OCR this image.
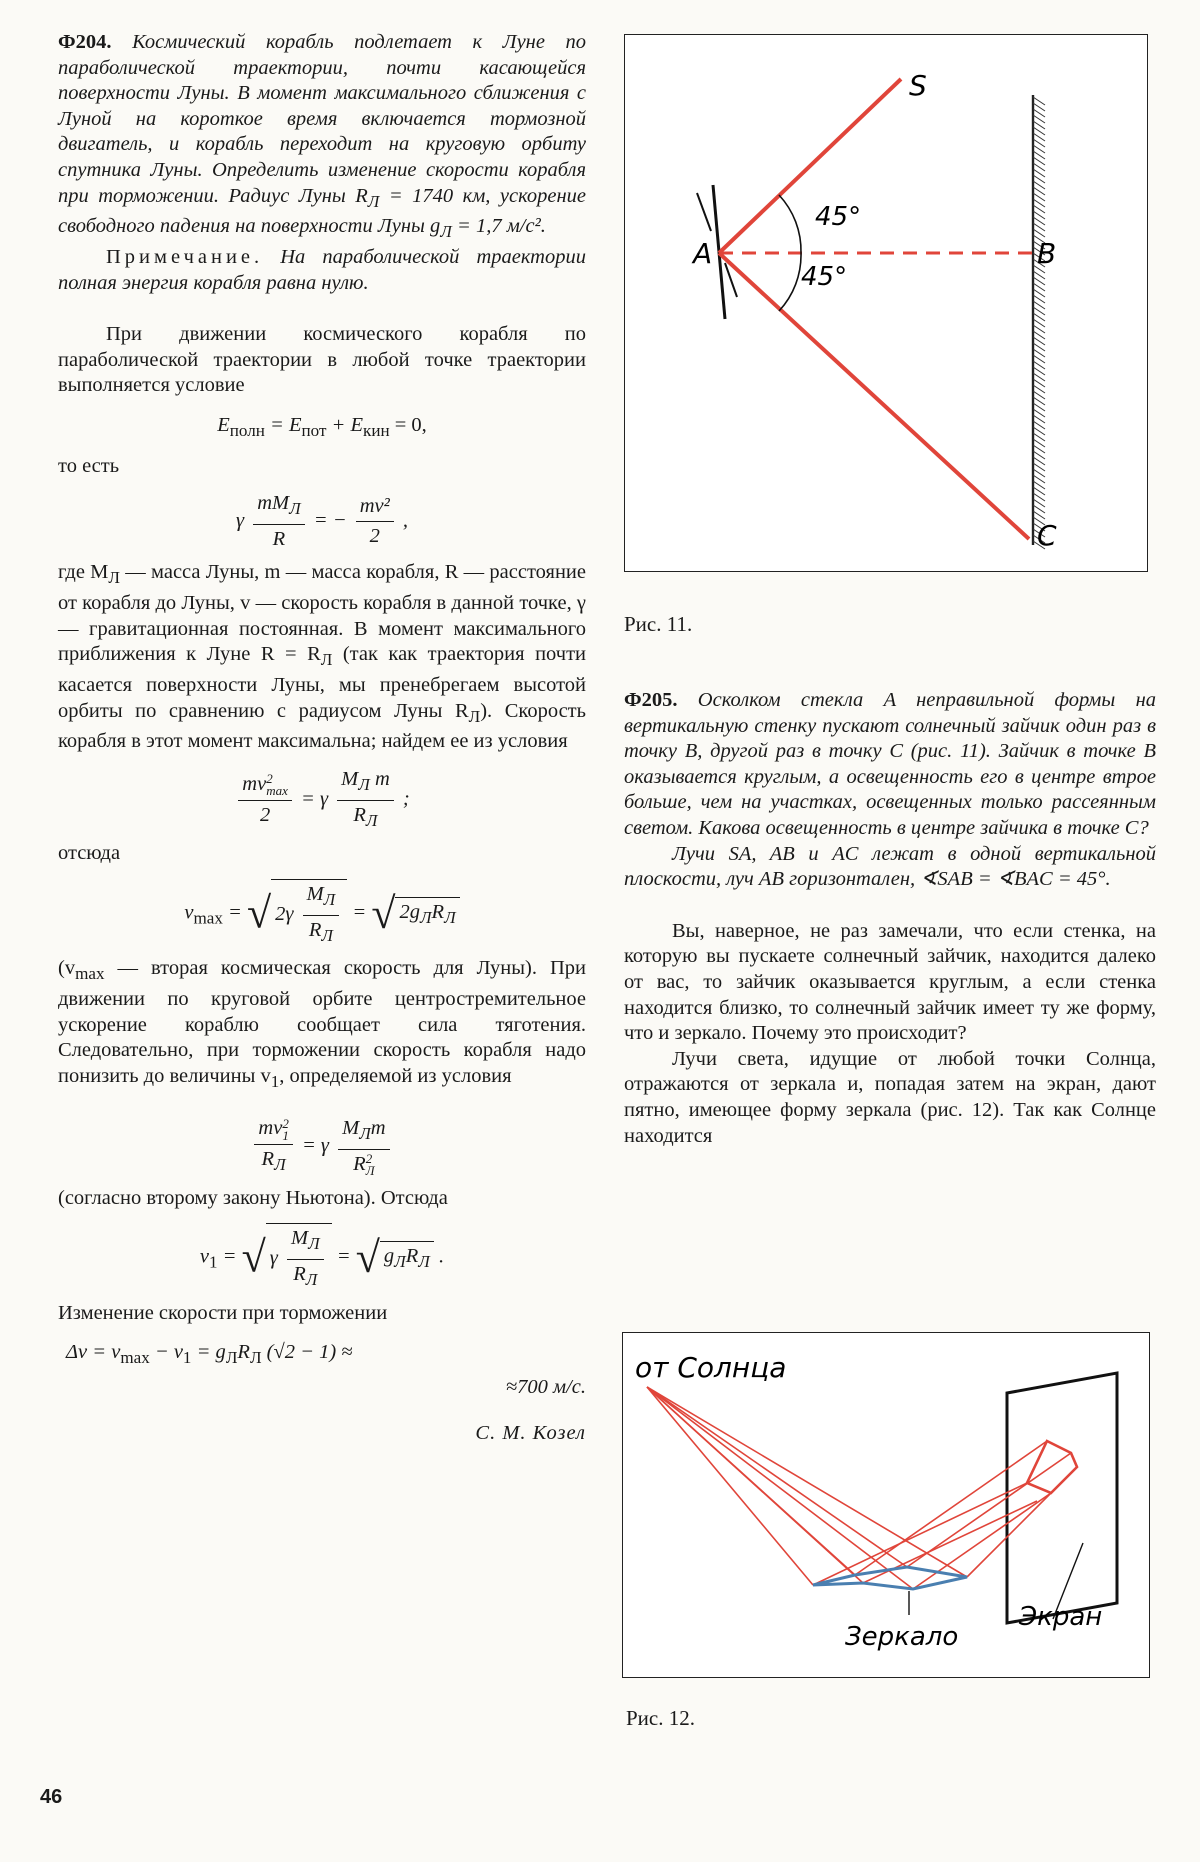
Ф204. Космический корабль подлетает к Луне по параболической траектории, почти касающейся поверхности Луны. В момент максимального сближения с Луной на короткое время включается тормозной двигатель, и корабль переходит на круговую орбиту спутника Луны. Определить изменение скорости корабля при торможении. Радиус Луны $R_Л = 1740$ км, ускорение свободного падения на поверхности Луны $g_Л = 1,7$ м/с².

Примечание. На параболической траектории полная энергия корабля равна нулю.

При движении космического корабля по параболической траектории в любой точке траектории выполняется условие

$E_{полн} = E_{пот} + E_{кин} = 0$,

то есть

γ $\frac{mM_Л}{R}$ = − $\frac{\text{mv²}}{2}$ ,

где $M_Л$ — масса Луны, m — масса корабля, R — расстояние от корабля до Луны, v — скорость корабля в данной точке, γ — гравитационная постоянная. В момент максимального приближения к Луне $R = R_Л$ (так как траектория почти касается поверхности Луны, мы пренебрегаем высотой орбиты по сравнению с радиусом Луны $R_Л$). Скорость корабля в этот момент максимальна; найдем ее из условия

mv 2
max
2 = γ $\frac{M_Л m}{R_Л}$ ;

отсюда

$v_{max}$ = √ $2\gamma \frac{M_Л}{R_Л}$ = √ $2g_ЛR_Л$

($v_{max}$ — вторая космическая скорость для Луны). При движении по круговой орбите центростремительное ускорение кораблю сообщает сила тяготения. Следовательно, при торможении скорость корабля надо понизить до величины $v_1$, определяемой из условия

mv 2
1
$R_Л = \gamma$ $M_Лm$
R 2
Л

(согласно второму закону Ньютона). Отсюда

$v_1$ = √ γ $\frac{M_Л}{R_Л}$ = √ $g_ЛR_Л$ .

Изменение скорости при торможении

$\Delta v = v_{max} - v_1 = g_ЛR_Л$ (√2 − 1) ≈
≈700 м/с.
С. М. Козел
S
A	B
C
45°
45°
Рис. 11.

Ф205. Осколком стекла A неправильной формы на вертикальную стенку пускают солнечный зайчик один раз в точку B, другой раз в точку C (рис. 11). Зайчик в точке B оказывается круглым, а освещенность его в центре втрое больше, чем на участках, освещенных только рассеянным светом. Какова освещенность в центре зайчика в точке C?

Лучи SA, AB и AC лежат в одной вертикальной плоскости, луч AB горизонтален, ∢SAB = ∢BAC = 45°.

Вы, наверное, не раз замечали, что если стенка, на которую вы пускаете солнечный зайчик, находится далеко от вас, то зайчик оказывается круглым, а если стенка находится близко, то солнечный зайчик имеет ту же форму, что и зеркало. Почему это происходит?

Лучи света, идущие от любой точки Солнца, отражаются от зеркала и, попадая затем на экран, дают пятно, имеющее форму зеркала (рис. 12). Так как Солнце находится

от Солнца
Зеркало
Экран
Рис. 12.
46
